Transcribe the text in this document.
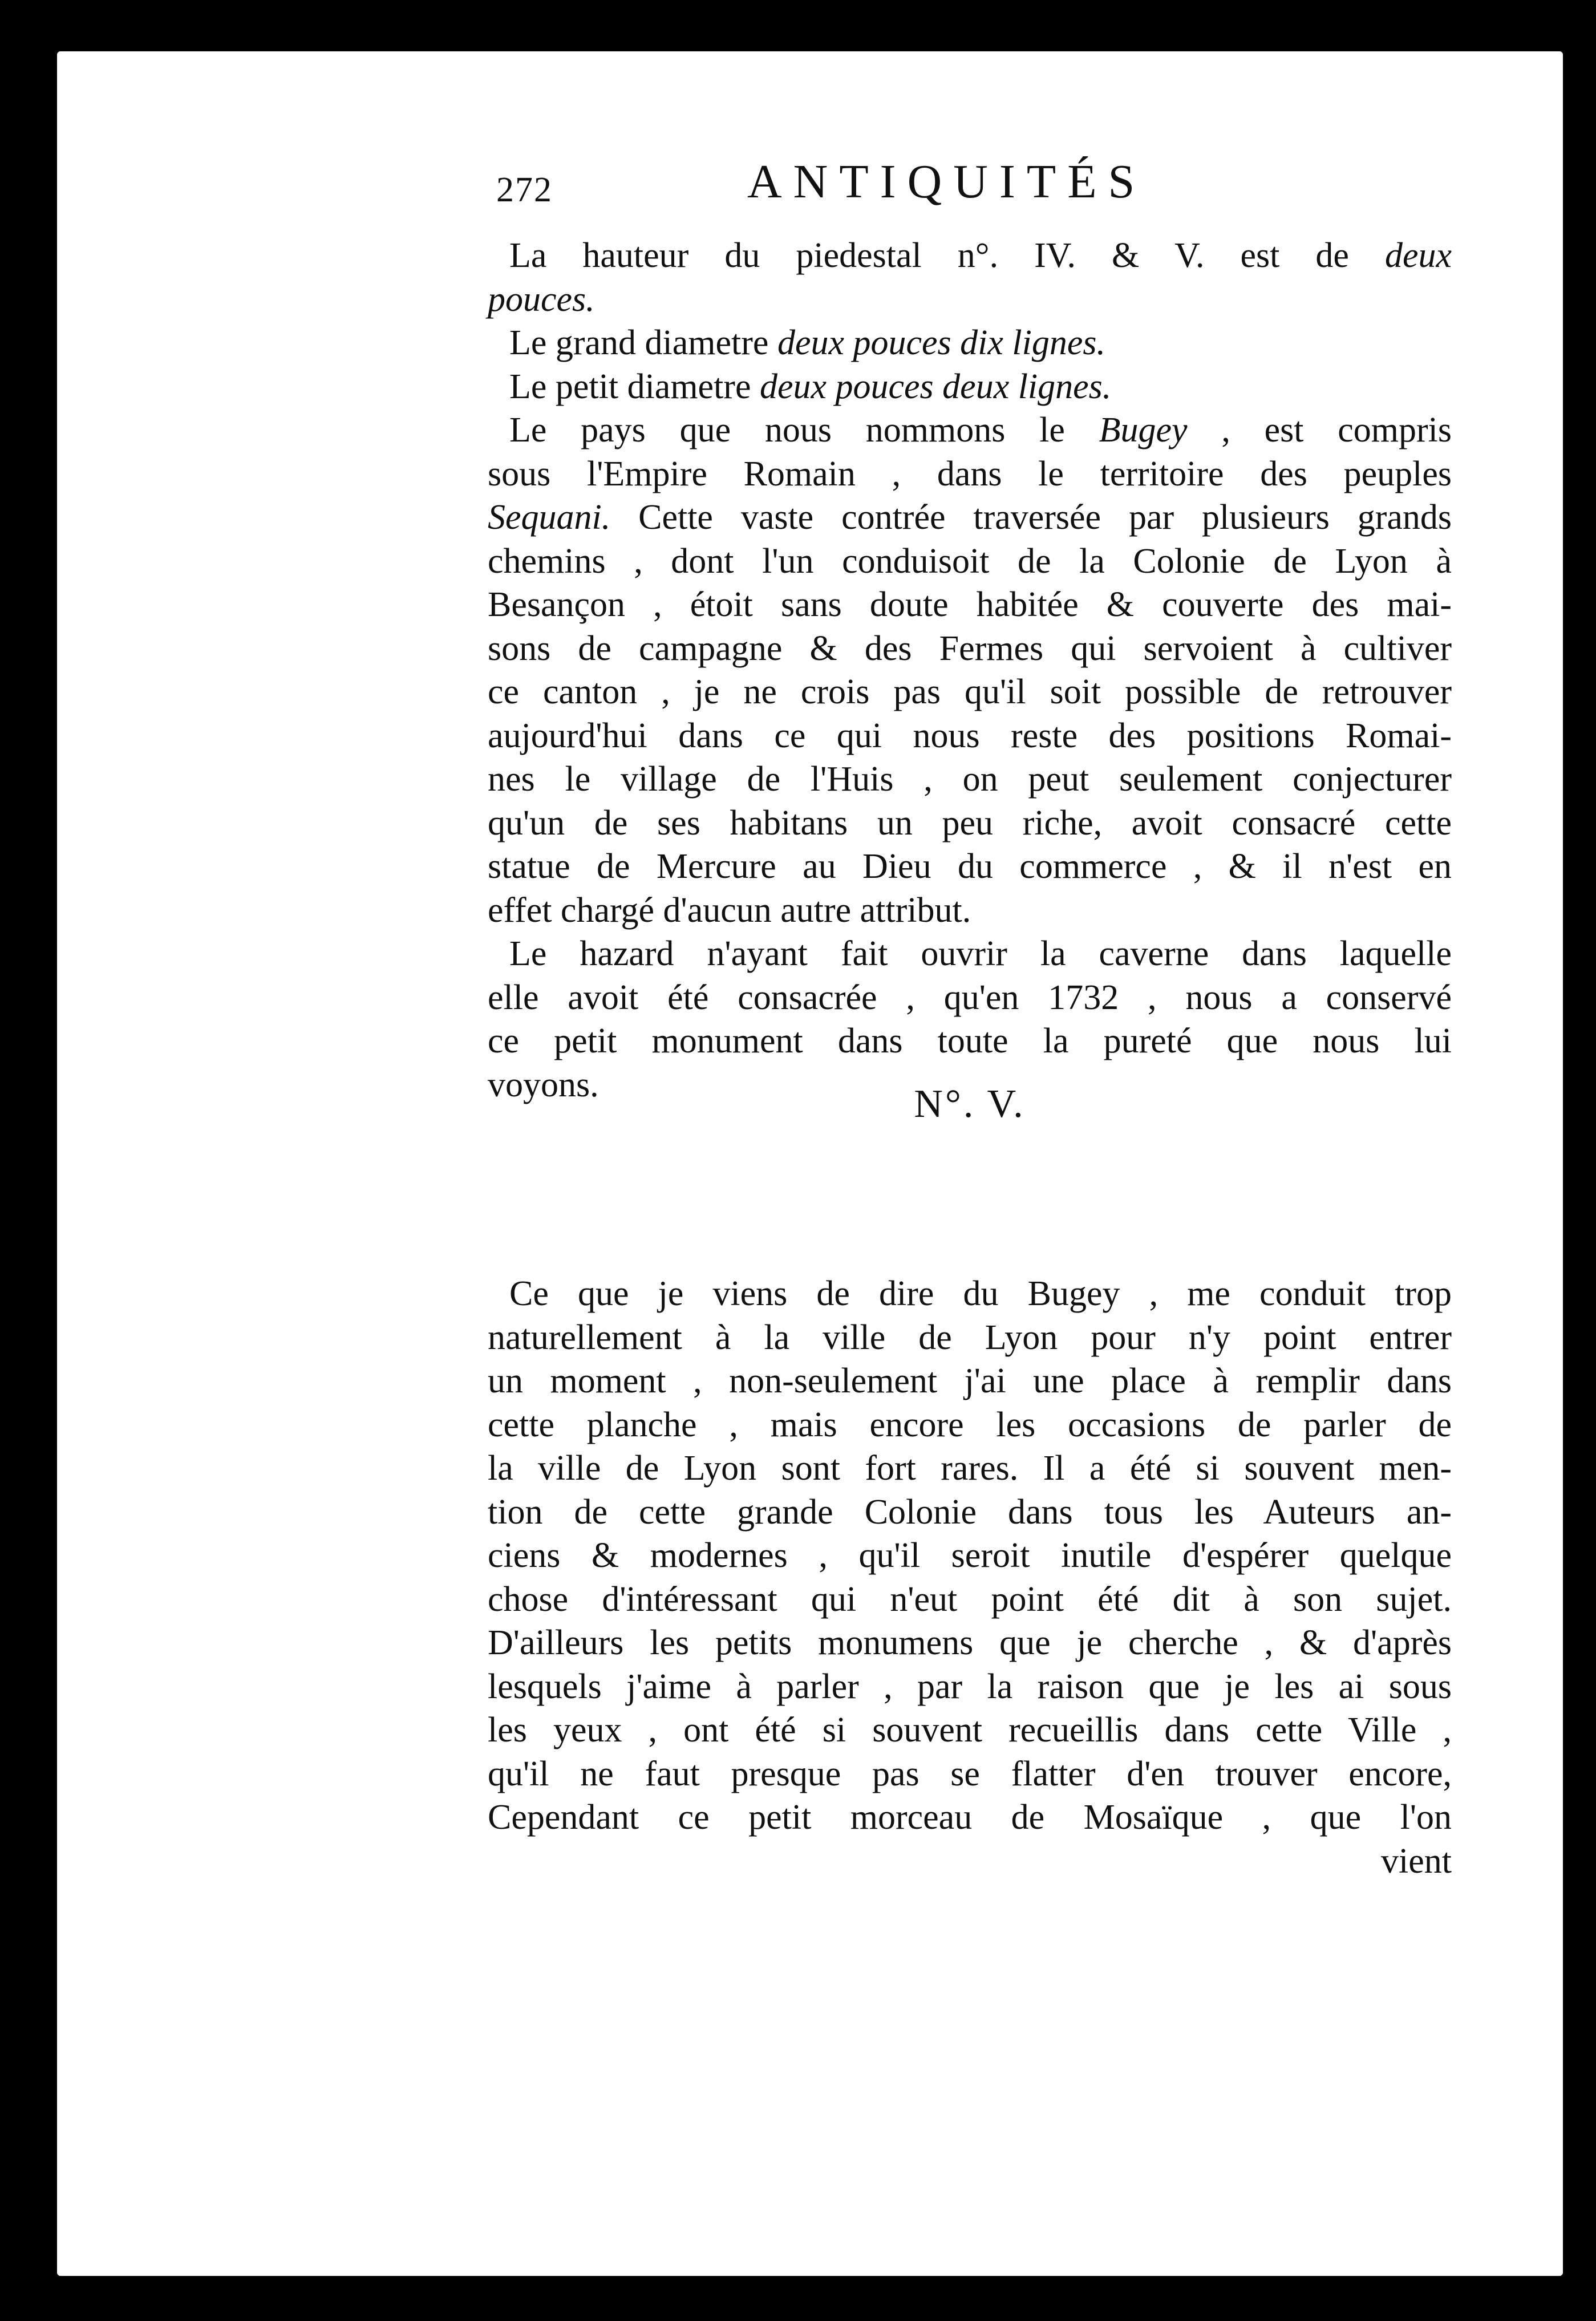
272	ANTIQUITÉS
La hauteur du piedestal n°. IV. & V. est de deux
pouces.
Le grand diametre deux pouces dix lignes.
Le petit diametre deux pouces deux lignes.
Le pays que nous nommons le Bugey , est compris
sous l'Empire Romain , dans le territoire des peuples
Sequani. Cette vaste contrée traversée par plusieurs grands
chemins , dont l'un conduisoit de la Colonie de Lyon à
Besançon , étoit sans doute habitée & couverte des mai-
sons de campagne & des Fermes qui servoient à cultiver
ce canton , je ne crois pas qu'il soit possible de retrouver
aujourd'hui dans ce qui nous reste des positions Romai-
nes le village de l'Huis , on peut seulement conjecturer
qu'un de ses habitans un peu riche, avoit consacré cette
statue de Mercure au Dieu du commerce , & il n'est en
effet chargé d'aucun autre attribut.
Le hazard n'ayant fait ouvrir la caverne dans laquelle
elle avoit été consacrée , qu'en 1732 , nous a conservé
ce petit monument dans toute la pureté que nous lui
voyons.	N°. V.
Ce que je viens de dire du Bugey , me conduit trop
naturellement à la ville de Lyon pour n'y point entrer
un moment , non-seulement j'ai une place à remplir dans
cette planche , mais encore les occasions de parler de
la ville de Lyon sont fort rares. Il a été si souvent men-
tion de cette grande Colonie dans tous les Auteurs an-
ciens & modernes , qu'il seroit inutile d'espérer quelque
chose d'intéressant qui n'eut point été dit à son sujet.
D'ailleurs les petits monumens que je cherche , & d'après
lesquels j'aime à parler , par la raison que je les ai sous
les yeux , ont été si souvent recueillis dans cette Ville ,
qu'il ne faut presque pas se flatter d'en trouver encore,
Cependant ce petit morceau de Mosaïque , que l'on
vient
